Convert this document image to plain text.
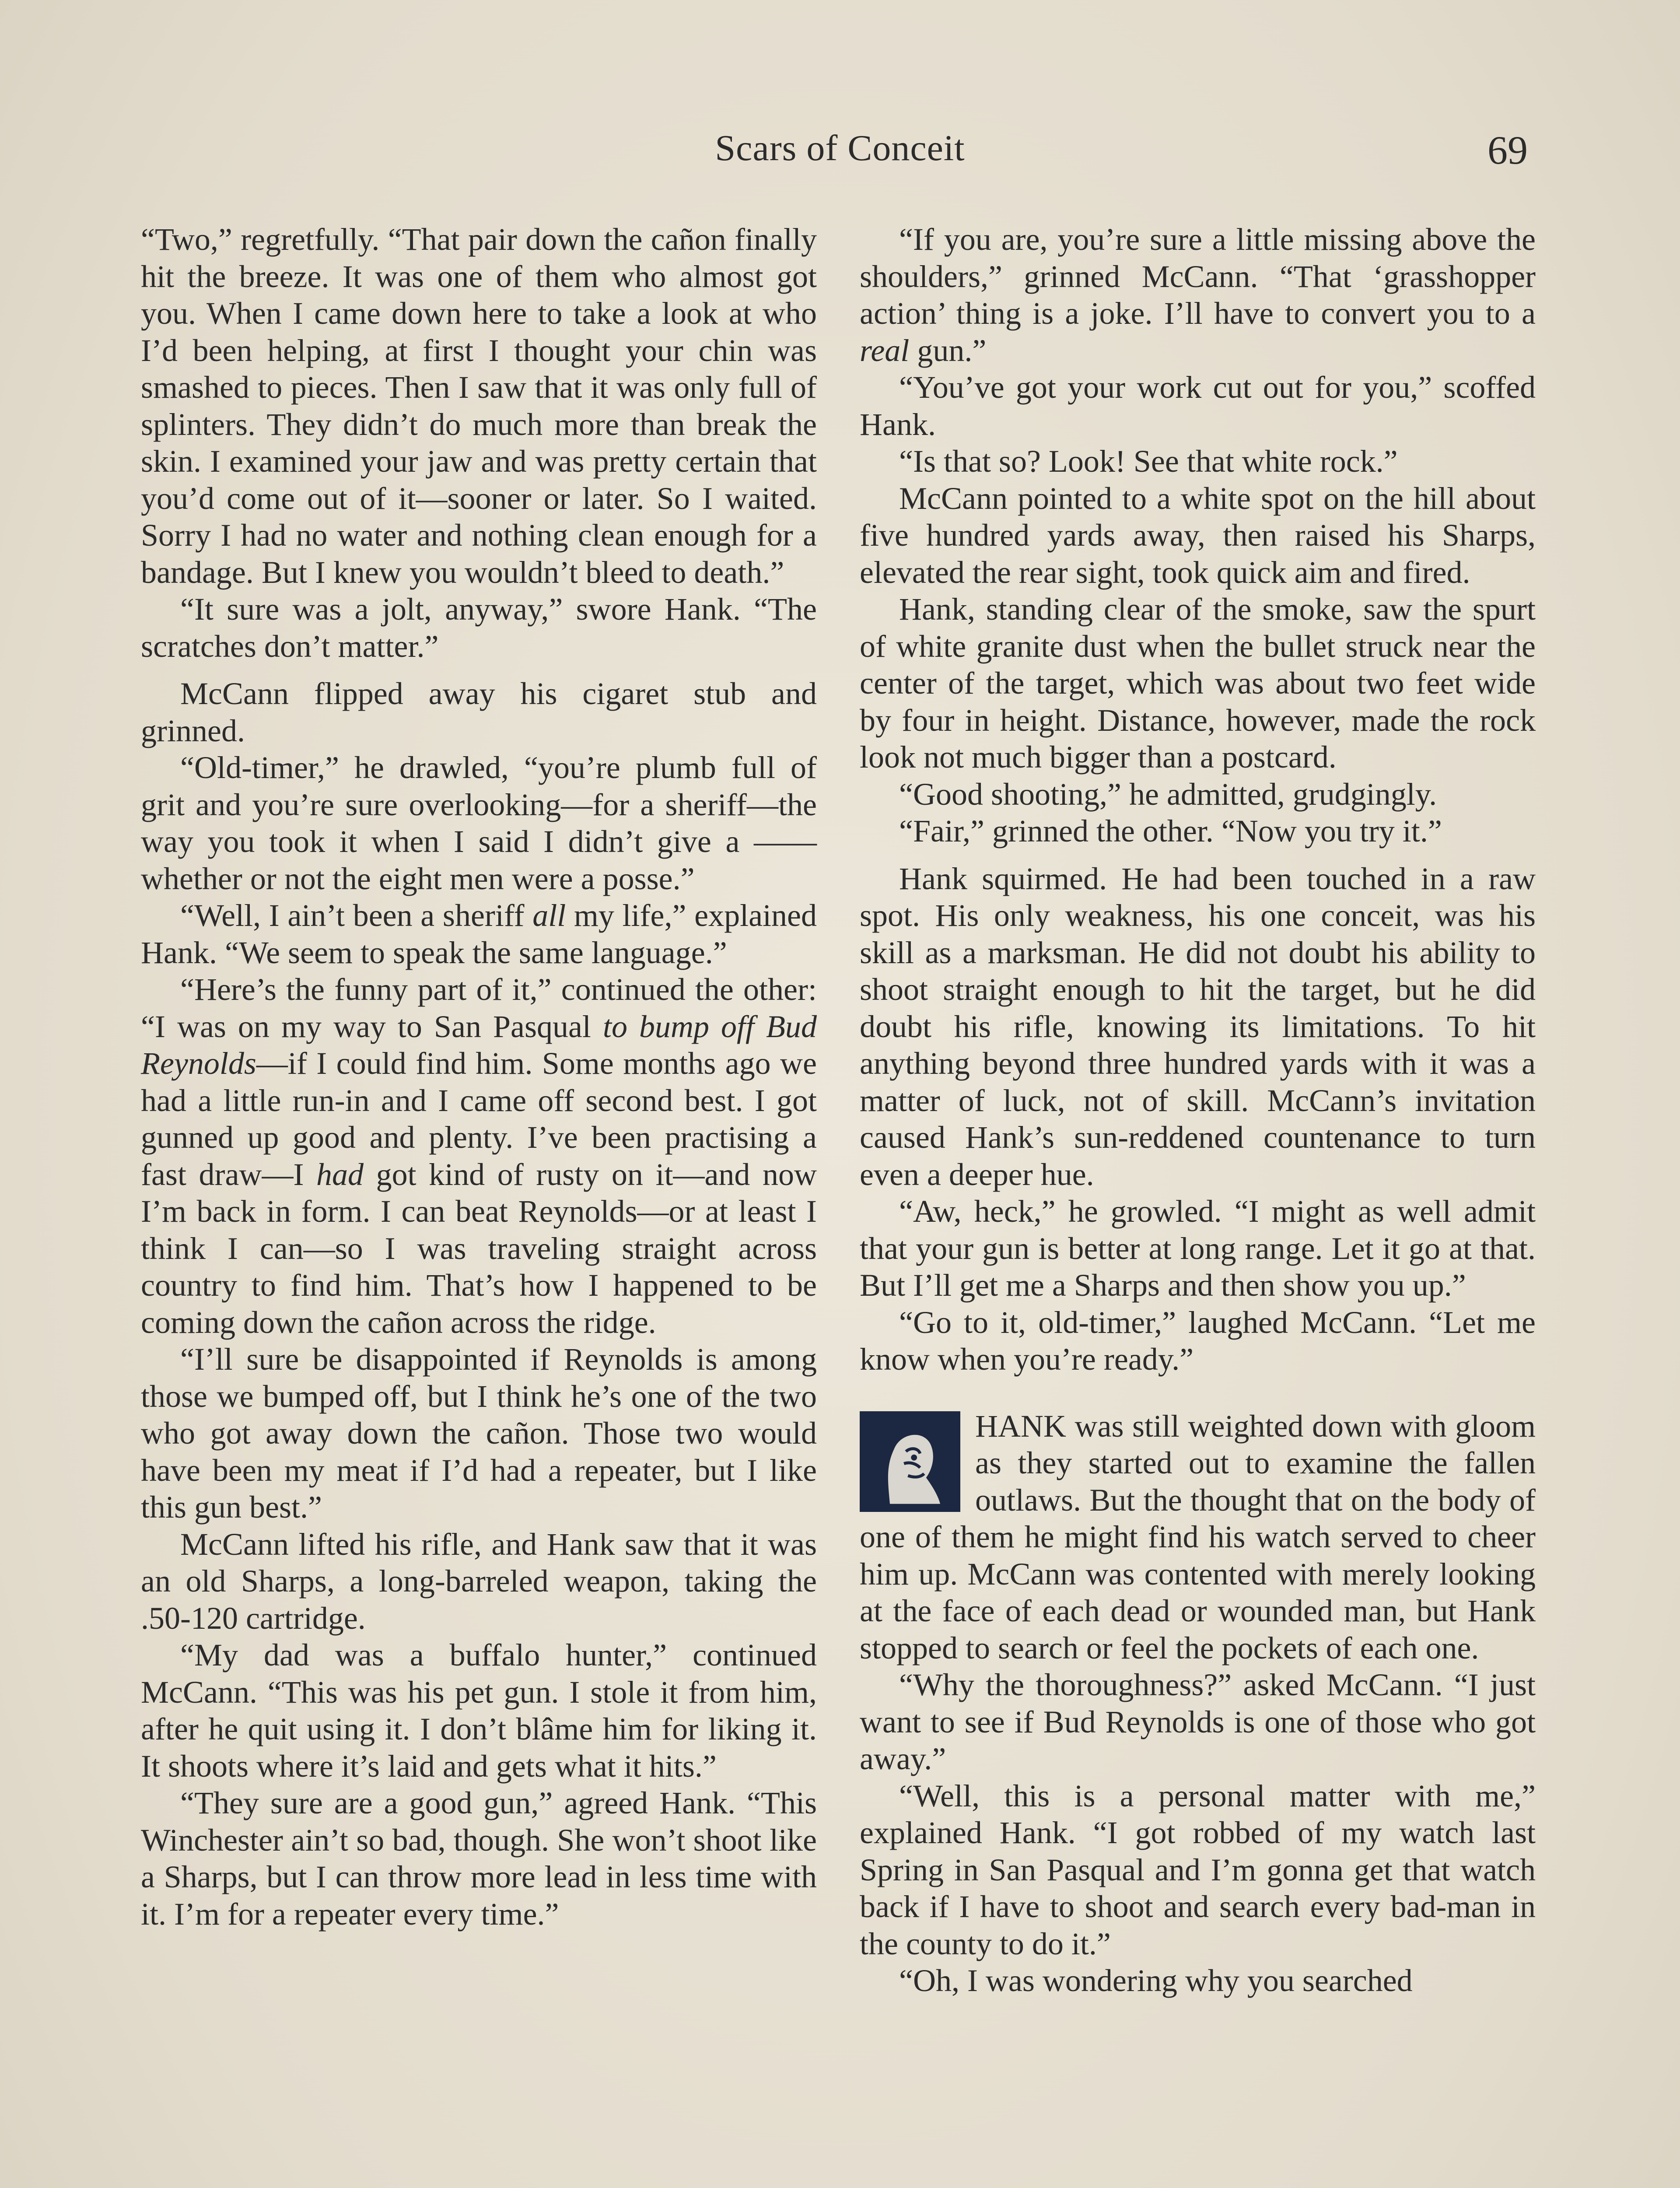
Scars of Conceit	69

“Two,” regretfully. “That pair down the cañon finally hit the breeze. It was one of them who almost got you. When I came down here to take a look at who I’d been helping, at first I thought your chin was smashed to pieces. Then I saw that it was only full of splinters. They didn’t do much more than break the skin. I examined your jaw and was pretty certain that you’d come out of it—sooner or later. So I waited. Sorry I had no water and nothing clean enough for a bandage. But I knew you wouldn’t bleed to death.”

“It sure was a jolt, anyway,” swore Hank. “The scratches don’t matter.”

McCann flipped away his cigaret stub and grinned.

“Old-timer,” he drawled, “you’re plumb full of grit and you’re sure overlooking—for a sheriff—the way you took it when I said I didn’t give a —— whether or not the eight men were a posse.”

“Well, I ain’t been a sheriff all my life,” explained Hank. “We seem to speak the same language.”

“Here’s the funny part of it,” continued the other: “I was on my way to San Pasqual to bump off Bud Reynolds—if I could find him. Some months ago we had a little run-in and I came off second best. I got gunned up good and plenty. I’ve been practising a fast draw—I had got kind of rusty on it—and now I’m back in form. I can beat Reynolds—or at least I think I can—so I was traveling straight across country to find him. That’s how I happened to be coming down the cañon across the ridge.

“I’ll sure be disappointed if Reynolds is among those we bumped off, but I think he’s one of the two who got away down the cañon. Those two would have been my meat if I’d had a repeater, but I like this gun best.”

McCann lifted his rifle, and Hank saw that it was an old Sharps, a long-barreled weapon, taking the .50-120 cartridge.

“My dad was a buffalo hunter,” continued McCann. “This was his pet gun. I stole it from him, after he quit using it. I don’t blâme him for liking it. It shoots where it’s laid and gets what it hits.”

“They sure are a good gun,” agreed Hank. “This Winchester ain’t so bad, though. She won’t shoot like a Sharps, but I can throw more lead in less time with it. I’m for a repeater every time.”

“If you are, you’re sure a little missing above the shoulders,” grinned McCann. “That ‘grasshopper action’ thing is a joke. I’ll have to convert you to a real gun.”

“You’ve got your work cut out for you,” scoffed Hank.

“Is that so? Look! See that white rock.”

McCann pointed to a white spot on the hill about five hundred yards away, then raised his Sharps, elevated the rear sight, took quick aim and fired.

Hank, standing clear of the smoke, saw the spurt of white granite dust when the bullet struck near the center of the target, which was about two feet wide by four in height. Distance, however, made the rock look not much bigger than a postcard.

“Good shooting,” he admitted, grudgingly.

“Fair,” grinned the other. “Now you try it.”

Hank squirmed. He had been touched in a raw spot. His only weakness, his one conceit, was his skill as a marksman. He did not doubt his ability to shoot straight enough to hit the target, but he did doubt his rifle, knowing its limitations. To hit anything beyond three hundred yards with it was a matter of luck, not of skill. McCann’s invitation caused Hank’s sun-reddened countenance to turn even a deeper hue.

“Aw, heck,” he growled. “I might as well admit that your gun is better at long range. Let it go at that. But I’ll get me a Sharps and then show you up.”

“Go to it, old-timer,” laughed McCann. “Let me know when you’re ready.”

HANK was still weighted down with gloom as they started out to examine the fallen outlaws. But the thought that on the body of one of them he might find his watch served to cheer him up. McCann was contented with merely looking at the face of each dead or wounded man, but Hank stopped to search or feel the pockets of each one.

“Why the thoroughness?” asked McCann. “I just want to see if Bud Reynolds is one of those who got away.”

“Well, this is a personal matter with me,” explained Hank. “I got robbed of my watch last Spring in San Pasqual and I’m gonna get that watch back if I have to shoot and search every bad-man in the county to do it.”

“Oh, I was wondering why you searched
